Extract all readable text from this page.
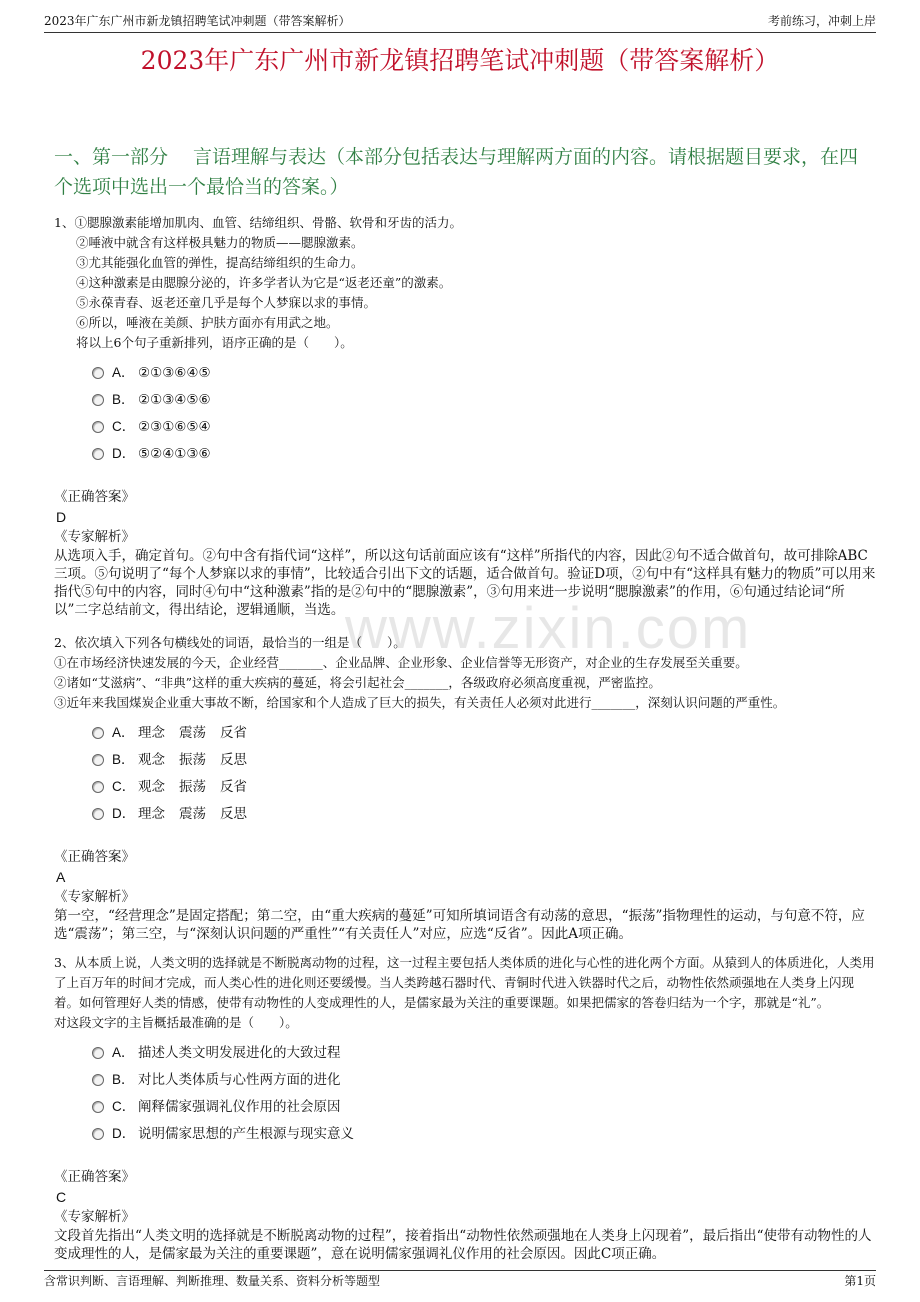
2023年广东广州市新龙镇招聘笔试冲刺题（带答案解析）	考前练习，冲刺上岸
2023年广东广州市新龙镇招聘笔试冲刺题（带答案解析）
一、第一部分　 言语理解与表达（本部分包括表达与理解两方面的内容。请根据题目要求，在四个选项中选出一个最恰当的答案。）
www.zixin.com
1、①腮腺激素能增加肌肉、血管、结缔组织、骨骼、软骨和牙齿的活力。
②唾液中就含有这样极具魅力的物质——腮腺激素。
③尤其能强化血管的弹性，提高结缔组织的生命力。
④这种激素是由腮腺分泌的，许多学者认为它是“返老还童”的激素。
⑤永葆青春、返老还童几乎是每个人梦寐以求的事情。
⑥所以，唾液在美颜、护肤方面亦有用武之地。
将以上6个句子重新排列，语序正确的是（　　）。
A． ②①③⑥④⑤
B． ②①③④⑤⑥
C． ②③①⑥⑤④
D． ⑤②④①③⑥
《正确答案》
D
《专家解析》
从选项入手，确定首句。②句中含有指代词“这样”，所以这句话前面应该有“这样”所指代的内容，因此②句不适合做首句，故可排除ABC三项。⑤句说明了“每个人梦寐以求的事情”，比较适合引出下文的话题，适合做首句。验证D项，②句中有“这样具有魅力的物质”可以用来指代⑤句中的内容，同时④句中“这种激素”指的是②句中的“腮腺激素”，③句用来进一步说明“腮腺激素”的作用，⑥句通过结论词“所以”二字总结前文，得出结论，逻辑通顺，当选。
2、依次填入下列各句横线处的词语，最恰当的一组是（　　）。
①在市场经济快速发展的今天，企业经营_______、企业品牌、企业形象、企业信誉等无形资产，对企业的生存发展至关重要。
②诸如“艾滋病”、“非典”这样的重大疾病的蔓延，将会引起社会_______，各级政府必须高度重视，严密监控。
③近年来我国煤炭企业重大事故不断，给国家和个人造成了巨大的损失，有关责任人必须对此进行_______，深刻认识问题的严重性。
A． 理念 震荡 反省
B． 观念 振荡 反思
C． 观念 振荡 反省
D． 理念 震荡 反思
《正确答案》
A
《专家解析》
第一空，“经营理念”是固定搭配；第二空，由“重大疾病的蔓延”可知所填词语含有动荡的意思，“振荡”指物理性的运动，与句意不符，应选“震荡”；第三空，与“深刻认识问题的严重性”“有关责任人”对应，应选“反省”。因此A项正确。
3、从本质上说，人类文明的选择就是不断脱离动物的过程，这一过程主要包括人类体质的进化与心性的进化两个方面。从猿到人的体质进化，人类用了上百万年的时间才完成，而人类心性的进化则还要缓慢。当人类跨越石器时代、青铜时代进入铁器时代之后，动物性依然顽强地在人类身上闪现着。如何管理好人类的情感，使带有动物性的人变成理性的人，是儒家最为关注的重要课题。如果把儒家的答卷归结为一个字，那就是“礼”。
对这段文字的主旨概括最准确的是（　　）。
A． 描述人类文明发展进化的大致过程
B． 对比人类体质与心性两方面的进化
C． 阐释儒家强调礼仪作用的社会原因
D． 说明儒家思想的产生根源与现实意义
《正确答案》
C
《专家解析》
文段首先指出“人类文明的选择就是不断脱离动物的过程”，接着指出“动物性依然顽强地在人类身上闪现着”，最后指出“使带有动物性的人变成理性的人，是儒家最为关注的重要课题”，意在说明儒家强调礼仪作用的社会原因。因此C项正确。
含常识判断、言语理解、判断推理、数量关系、资料分析等题型	第1页
